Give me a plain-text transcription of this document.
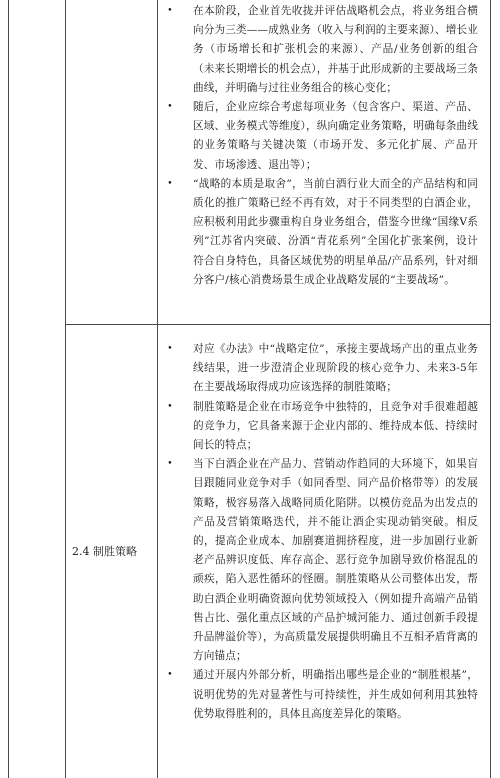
• 在本阶段，企业首先收拢并评估战略机会点，将业务组合横向分为三类——成熟业务（收入与利润的主要来源）、增长业务（市场增长和扩张机会的来源）、产品/业务创新的组合（未来长期增长的机会点），并基于此形成新的主要战场三条曲线，并明确与过往业务组合的核心变化；
• 随后，企业应综合考虑每项业务（包含客户、渠道、产品、区域、业务模式等维度），纵向确定业务策略，明确每条曲线的业务策略与关键决策（市场开发、多元化扩展、产品开发、市场渗透、退出等）；
• “战略的本质是取舍”，当前白酒行业大而全的产品结构和同质化的推广策略已经不再有效，对于不同类型的白酒企业，应积极利用此步骤重构自身业务组合，借鉴今世缘“国缘Ⅴ系列”江苏省内突破、汾酒“青花系列”全国化扩张案例，设计符合自身特色，具备区域优势的明星单品/产品系列，针对细分客户/核心消费场景生成企业战略发展的“主要战场”。
2.4 制胜策略
• 对应《办法》中“战略定位”，承接主要战场产出的重点业务线结果，进一步澄清企业现阶段的核心竞争力、未来3-5年在主要战场取得成功应该选择的制胜策略；
• 制胜策略是企业在市场竞争中独特的，且竞争对手很难超越的竞争力，它具备来源于企业内部的、维持成本低、持续时间长的特点；
• 当下白酒企业在产品力、营销动作趋同的大环境下，如果盲目跟随同业竞争对手（如同香型、同产品价格带等）的发展策略，极容易落入战略同质化陷阱。以模仿竞品为出发点的产品及营销策略迭代，并不能让酒企实现动销突破。相反的，提高企业成本、加剧赛道拥挤程度，进一步加剧行业新老产品辨识度低、库存高企、恶行竞争加剧导致价格混乱的顽疾，陷入恶性循环的怪圈。制胜策略从公司整体出发，帮助白酒企业明确资源向优势领域投入（例如提升高端产品销售占比、强化重点区域的产品护城河能力、通过创新手段提升品牌溢价等），为高质量发展提供明确且不互相矛盾背离的方向锚点；
• 通过开展内外部分析，明确指出哪些是企业的“制胜根基”，说明优势的先对显著性与可持续性，并生成如何利用其独特优势取得胜利的，具体且高度差异化的策略。
